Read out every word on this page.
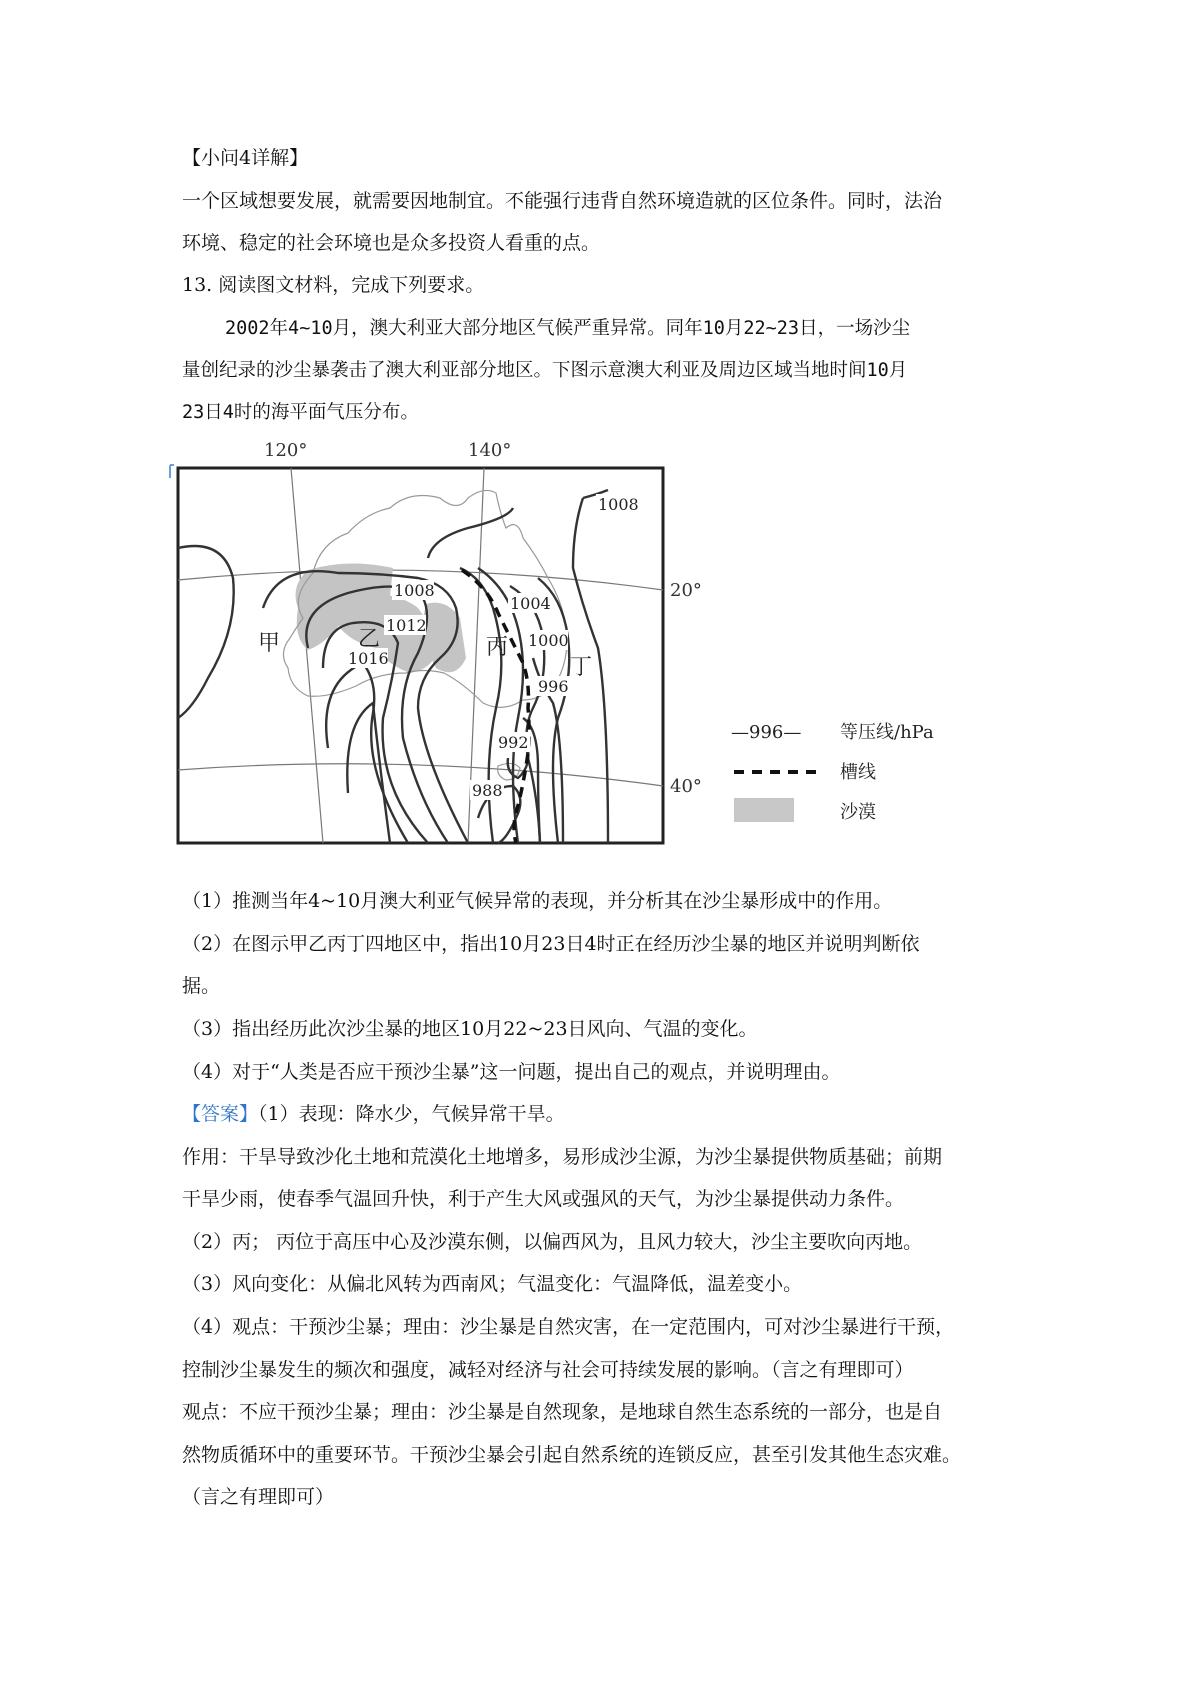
【小问4详解】
一个区域想要发展，就需要因地制宜。不能强行违背自然环境造就的区位条件。同时，法治
环境、稳定的社会环境也是众多投资人看重的点。
13. 阅读图文材料，完成下列要求。
2002年4~10月，澳大利亚大部分地区气候严重异常。同年10月22~23日，一场沙尘
量创纪录的沙尘暴袭击了澳大利亚部分地区。下图示意澳大利亚及周边区域当地时间10月
23日4时的海平面气压分布。
120°	140°
20°
40°
1008
1008
1012
1016
1004
1000
996
992
988
甲	乙	丙
丁
—996— 等压线/hPa
槽线
沙漠
（1）推测当年4~10月澳大利亚气候异常的表现，并分析其在沙尘暴形成中的作用。
（2）在图示甲乙丙丁四地区中，指出10月23日4时正在经历沙尘暴的地区并说明判断依
据。
（3）指出经历此次沙尘暴的地区10月22~23日风向、气温的变化。
（4）对于“人类是否应干预沙尘暴”这一问题，提出自己的观点，并说明理由。
【答案】（1）表现：降水少，气候异常干旱。
作用：干旱导致沙化土地和荒漠化土地增多，易形成沙尘源，为沙尘暴提供物质基础；前期
干旱少雨，使春季气温回升快，利于产生大风或强风的天气，为沙尘暴提供动力条件。
（2）丙； 丙位于高压中心及沙漠东侧，以偏西风为，且风力较大，沙尘主要吹向丙地。
（3）风向变化：从偏北风转为西南风；气温变化：气温降低，温差变小。
（4）观点：干预沙尘暴；理由：沙尘暴是自然灾害，在一定范围内，可对沙尘暴进行干预，
控制沙尘暴发生的频次和强度，减轻对经济与社会可持续发展的影响。（言之有理即可）
观点：不应干预沙尘暴；理由：沙尘暴是自然现象，是地球自然生态系统的一部分，也是自
然物质循环中的重要环节。干预沙尘暴会引起自然系统的连锁反应，甚至引发其他生态灾难。
（言之有理即可）
